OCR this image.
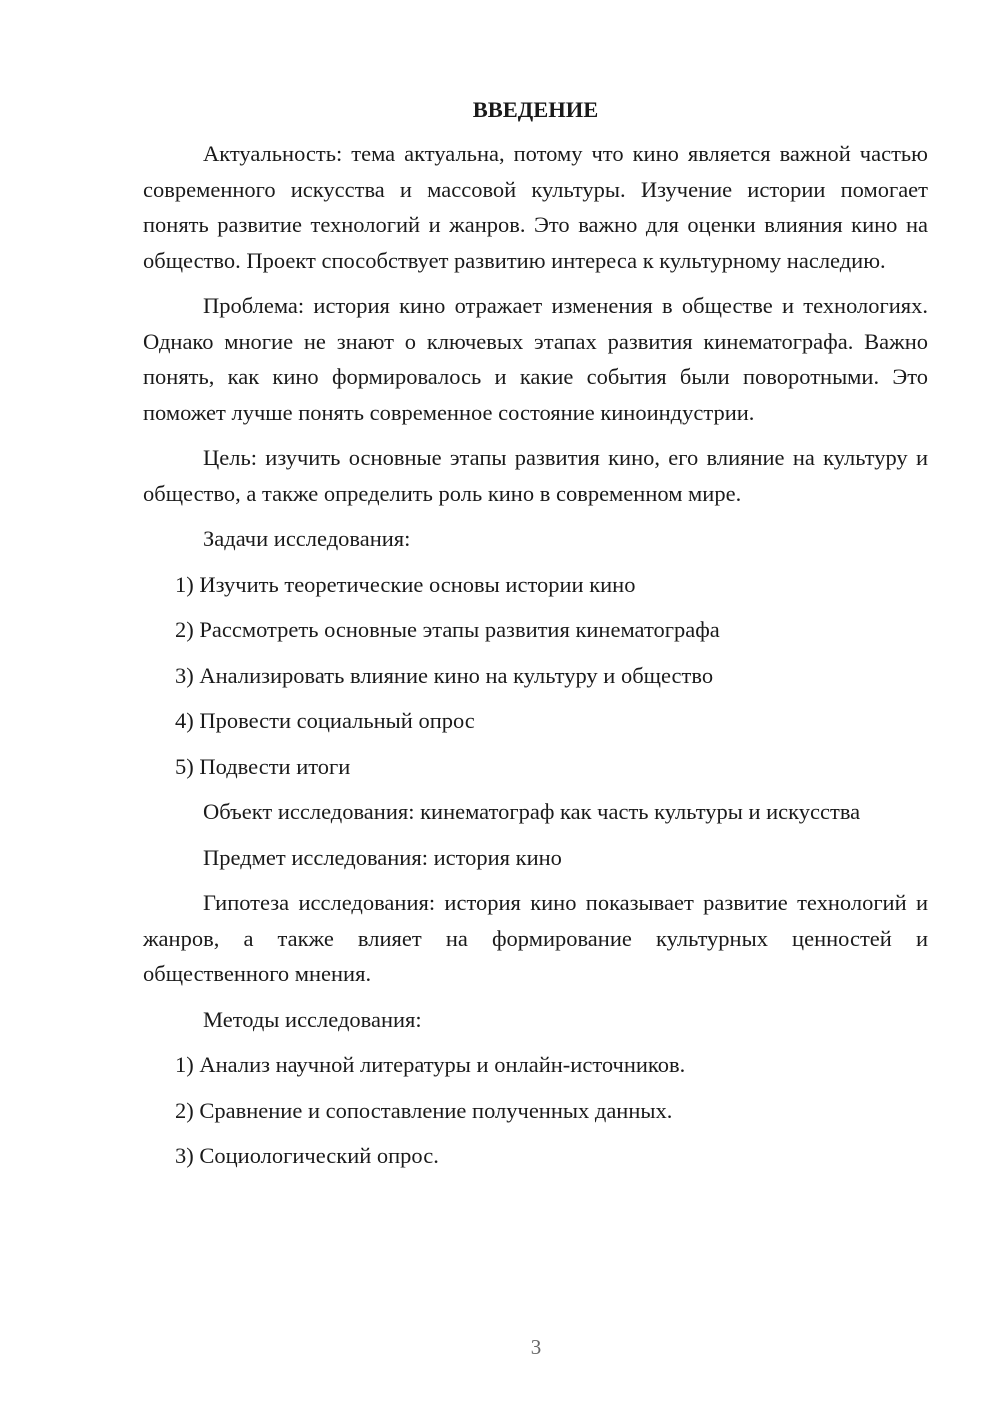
ВВЕДЕНИЕ

Актуальность: тема актуальна, потому что кино является важной частью современного искусства и массовой культуры. Изучение истории помогает понять развитие технологий и жанров. Это важно для оценки влияния кино на общество. Проект способствует развитию интереса к культурному наследию.

Проблема: история кино отражает изменения в обществе и технологиях. Однако многие не знают о ключевых этапах развития кинематографа. Важно понять, как кино формировалось и какие события были поворотными. Это поможет лучше понять современное состояние киноиндустрии.

Цель: изучить основные этапы развития кино, его влияние на культуру и общество, а также определить роль кино в современном мире.

Задачи исследования:
1) Изучить теоретические основы истории кино
2) Рассмотреть основные этапы развития кинематографа
3) Анализировать влияние кино на культуру и общество
4) Провести социальный опрос
5) Подвести итоги

Объект исследования: кинематограф как часть культуры и искусства

Предмет исследования: история кино

Гипотеза исследования: история кино показывает развитие технологий и жанров, а также влияет на формирование культурных ценностей и общественного мнения.

Методы исследования:
1) Анализ научной литературы и онлайн-источников.
2) Сравнение и сопоставление полученных данных.
3) Социологический опрос.
3
